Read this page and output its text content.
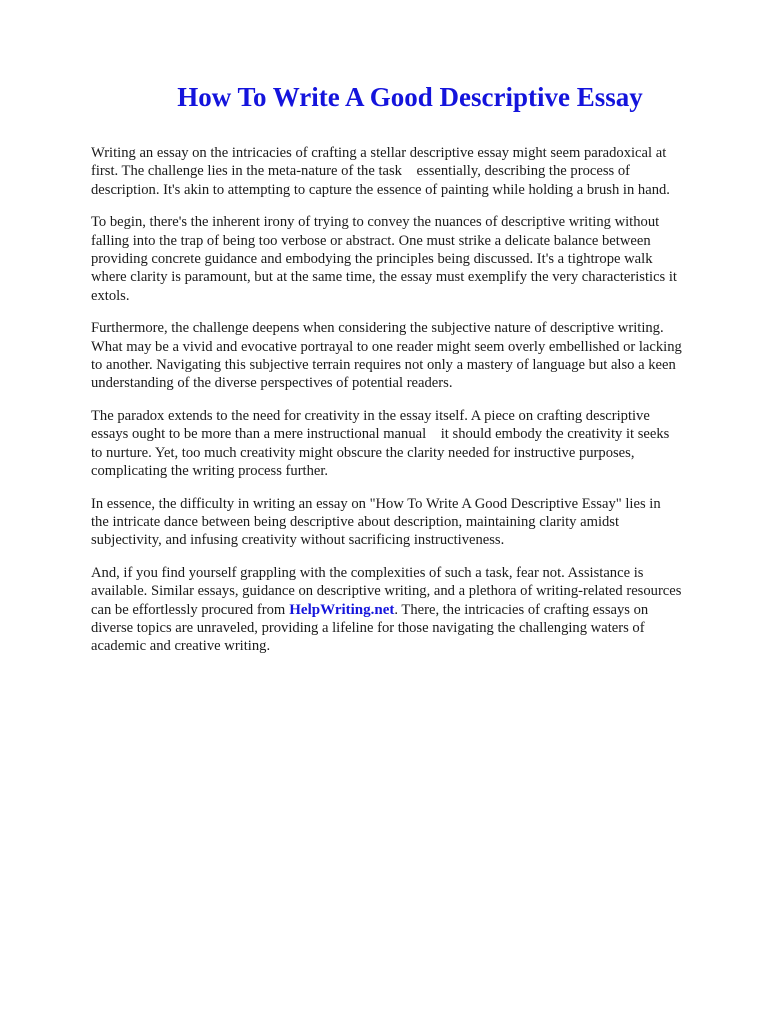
How To Write A Good Descriptive Essay

Writing an essay on the intricacies of crafting a stellar descriptive essay might seem paradoxical at
first. The challenge lies in the meta-nature of the task    essentially, describing the process of
description. It's akin to attempting to capture the essence of painting while holding a brush in hand.

To begin, there's the inherent irony of trying to convey the nuances of descriptive writing without
falling into the trap of being too verbose or abstract. One must strike a delicate balance between
providing concrete guidance and embodying the principles being discussed. It's a tightrope walk
where clarity is paramount, but at the same time, the essay must exemplify the very characteristics it
extols.

Furthermore, the challenge deepens when considering the subjective nature of descriptive writing.
What may be a vivid and evocative portrayal to one reader might seem overly embellished or lacking
to another. Navigating this subjective terrain requires not only a mastery of language but also a keen
understanding of the diverse perspectives of potential readers.

The paradox extends to the need for creativity in the essay itself. A piece on crafting descriptive
essays ought to be more than a mere instructional manual    it should embody the creativity it seeks
to nurture. Yet, too much creativity might obscure the clarity needed for instructive purposes,
complicating the writing process further.

In essence, the difficulty in writing an essay on "How To Write A Good Descriptive Essay" lies in
the intricate dance between being descriptive about description, maintaining clarity amidst
subjectivity, and infusing creativity without sacrificing instructiveness.

And, if you find yourself grappling with the complexities of such a task, fear not. Assistance is
available. Similar essays, guidance on descriptive writing, and a plethora of writing-related resources
can be effortlessly procured from HelpWriting.net. There, the intricacies of crafting essays on
diverse topics are unraveled, providing a lifeline for those navigating the challenging waters of
academic and creative writing.
